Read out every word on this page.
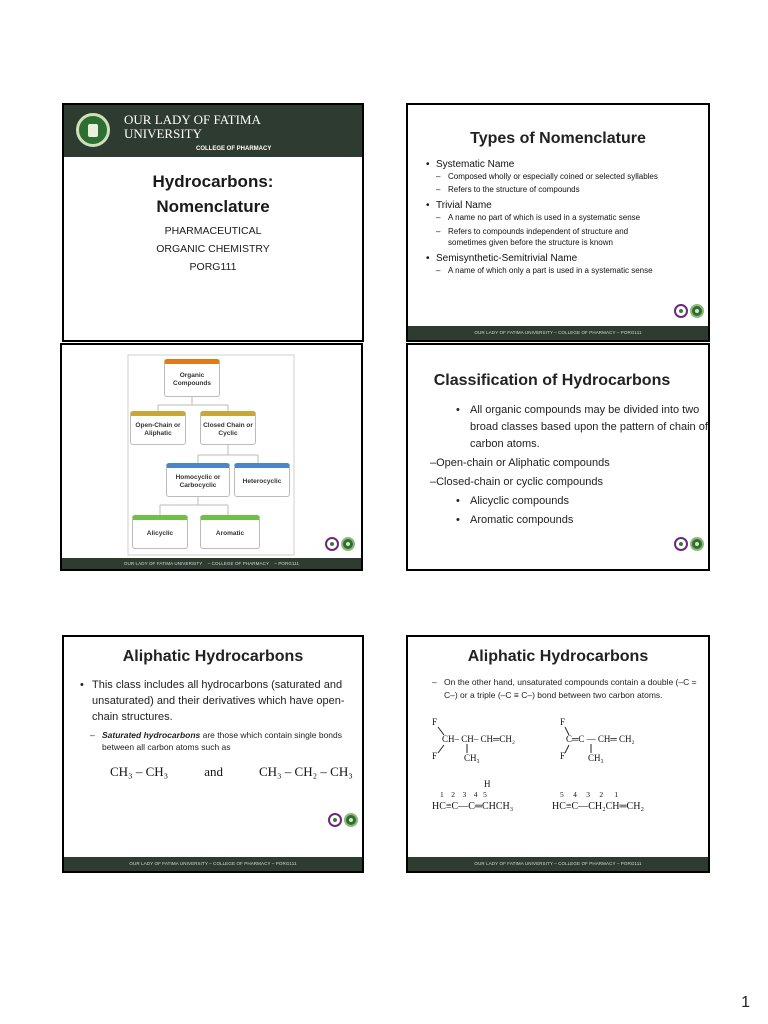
OUR LADY OF FATIMA UNIVERSITY
COLLEGE OF PHARMACY
Hydrocarbons:
Nomenclature
PHARMACEUTICAL
ORGANIC CHEMISTRY
PORG111
Types of Nomenclature
• Systematic Name
– Composed wholly or especially coined or selected syllables
– Refers to the structure of compounds
• Trivial Name
– A name no part of which is used in a systematic sense
– Refers to compounds independent of structure and sometimes given before the structure is known
• Semisynthetic-Semitrivial Name
– A name of which only a part is used in a systematic sense
OUR LADY OF FATIMA UNIVERSITY – COLLEGE OF PHARMACY – PORG111
Organic Compounds
Open-Chain or Aliphatic
Closed Chain or Cyclic
Homocyclic or Carbocyclic
Heterocyclic
Alicyclic	Aromatic
OUR LADY OF FATIMA UNIVERSITY    – COLLEGE OF PHARMACY    – PORG111
Classification of Hydrocarbons
• All organic compounds may be divided into two broad classes based upon the pattern of chain of carbon atoms.
–Open-chain or Aliphatic compounds
–Closed-chain or cyclic compounds
• Alicyclic compounds
• Aromatic compounds
Aliphatic Hydrocarbons
• This class includes all hydrocarbons (saturated and unsaturated) and their derivatives which have open-chain structures.
– Saturated hydrocarbons are those which contain single bonds between all carbon atoms such as
CH₃ – CH₃	and	CH₃ – CH₂ – CH₃
OUR LADY OF FATIMA UNIVERSITY – COLLEGE OF PHARMACY – PORG111
Aliphatic Hydrocarbons
– On the other hand, unsaturated compounds contain a double (–C = C–) or a triple (–C ≡ C–) bond between two carbon atoms.
F
CH– CH– CH═CH₂
F	CH₃
F
C═C — CH═ CH₂
F	CH₃
H
1    2    3    4   5
HC≡C—C═CHCH₃
5     4     3     2      1
HC≡C—CH₂CH═CH₂
OUR LADY OF FATIMA UNIVERSITY – COLLEGE OF PHARMACY – PORG111
1
